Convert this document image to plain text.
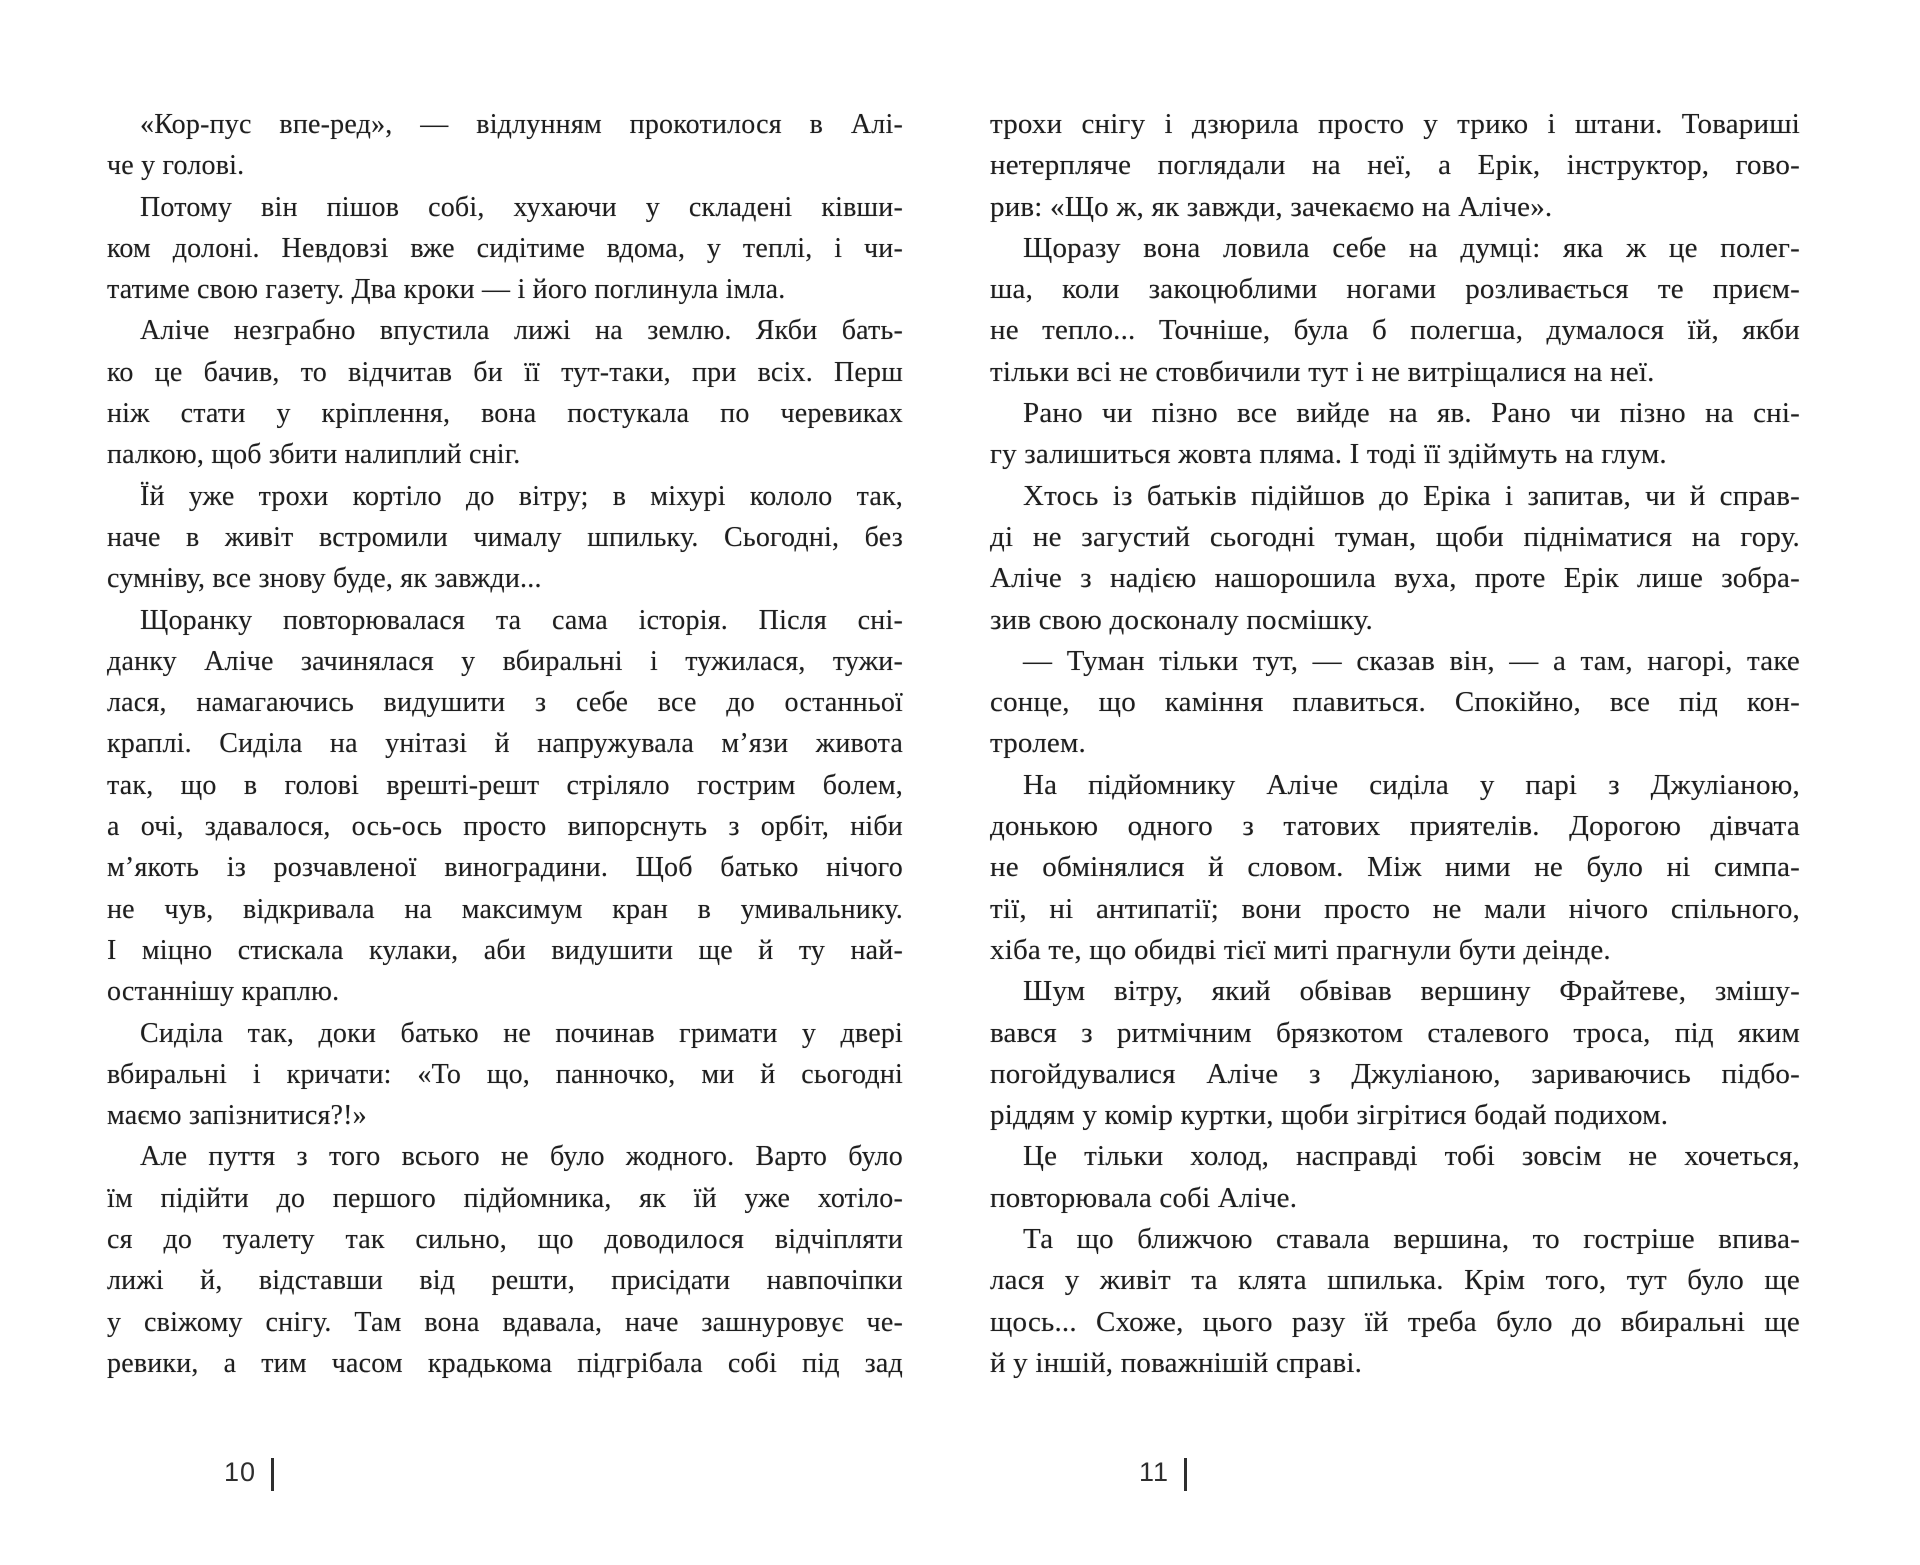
«Кор-пус впе-ред», — відлунням прокотилося в Алі-
че у голові.
Потому він пішов собі, хухаючи у складені ківши-
ком долоні. Невдовзі вже сидітиме вдома, у теплі, і чи-
татиме свою газету. Два кроки — і його поглинула імла.
Аліче незграбно впустила лижі на землю. Якби бать-
ко це бачив, то відчитав би її тут-таки, при всіх. Перш
ніж стати у кріплення, вона постукала по черевиках
палкою, щоб збити налиплий сніг.
Їй уже трохи кортіло до вітру; в міхурі кололо так,
наче в живіт встромили чималу шпильку. Сьогодні, без
сумніву, все знову буде, як завжди...
Щоранку повторювалася та сама історія. Після сні-
данку Аліче зачинялася у вбиральні і тужилася, тужи-
лася, намагаючись видушити з себе все до останньої
краплі. Сиділа на унітазі й напружувала м’язи живота
так, що в голові врешті-решт стріляло гострим болем,
а очі, здавалося, ось-ось просто випорснуть з орбіт, ніби
м’якоть із розчавленої виноградини. Щоб батько нічого
не чув, відкривала на максимум кран в умивальнику.
І міцно стискала кулаки, аби видушити ще й ту най-
останнішу краплю.
Сиділа так, доки батько не починав гримати у двері
вбиральні і кричати: «То що, панночко, ми й сьогодні
маємо запізнитися?!»
Але пуття з того всього не було жодного. Варто було
їм підійти до першого підйомника, як їй уже хотіло-
ся до туалету так сильно, що доводилося відчіпляти
лижі й, відставши від решти, присідати навпочіпки
у свіжому снігу. Там вона вдавала, наче зашнуровує че-
ревики, а тим часом крадькома підгрібала собі під зад
трохи снігу і дзюрила просто у трико і штани. Товариші
нетерпляче поглядали на неї, а Ерік, інструктор, гово-
рив: «Що ж, як завжди, зачекаємо на Аліче».
Щоразу вона ловила себе на думці: яка ж це полег-
ша, коли закоцюблими ногами розливається те приєм-
не тепло... Точніше, була б полегша, думалося їй, якби
тільки всі не стовбичили тут і не витріщалися на неї.
Рано чи пізно все вийде на яв. Рано чи пізно на сні-
гу залишиться жовта пляма. І тоді її здіймуть на глум.
Хтось із батьків підійшов до Еріка і запитав, чи й справ-
ді не загустий сьогодні туман, щоби підніматися на гору.
Аліче з надією нашорошила вуха, проте Ерік лише зобра-
зив свою досконалу посмішку.
— Туман тільки тут, — сказав він, — а там, нагорі, таке
сонце, що каміння плавиться. Спокійно, все під кон-
тролем.
На підйомнику Аліче сиділа у парі з Джуліаною,
донькою одного з татових приятелів. Дорогою дівчата
не обмінялися й словом. Між ними не було ні симпа-
тії, ні антипатії; вони просто не мали нічого спільного,
хіба те, що обидві тієї миті прагнули бути деінде.
Шум вітру, який обвівав вершину Фрайтеве, змішу-
вався з ритмічним брязкотом сталевого троса, під яким
погойдувалися Аліче з Джуліаною, зариваючись підбо-
ріддям у комір куртки, щоби зігрітися бодай подихом.
Це тільки холод, насправді тобі зовсім не хочеться,
повторювала собі Аліче.
Та що ближчою ставала вершина, то гостріше впива-
лася у живіт та клята шпилька. Крім того, тут було ще
щось... Схоже, цього разу їй треба було до вбиральні ще
й у іншій, поважнішій справі.
10	11
